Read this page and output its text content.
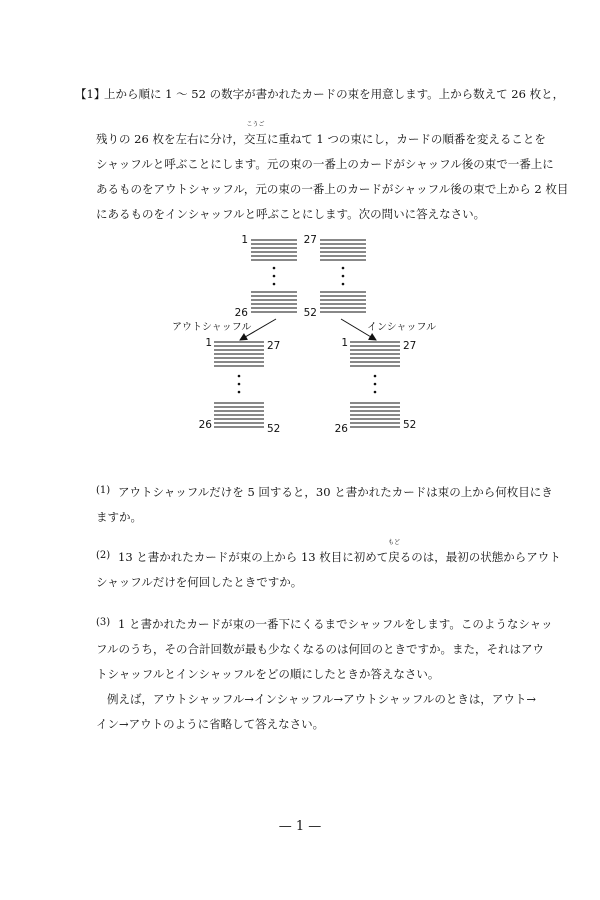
【1】
上から順に 1 〜 52 の数字が書かれたカードの束を用意します。上から数えて 26 枚と，
残りの 26 枚を左右に分け，
こうご
交互に重ねて 1 つの束にし，カードの順番を変えることを
シャッフルと呼ぶことにします。元の束の一番上のカードがシャッフル後の束で一番上に
あるものをアウトシャッフル，元の束の一番上のカードがシャッフル後の束で上から 2 枚目
にあるものをインシャッフルと呼ぶことにします。次の問いに答えなさい。
1
26
27
52
アウトシャッフル	インシャッフル
1	27
26	52
1	27
26	52
(1) アウトシャッフルだけを 5 回すると，30 と書かれたカードは束の上から何枚目にき
ますか。
(2) 13 と書かれたカードが束の上から 13 枚目に初めて
もど
戻るのは，最初の状態からアウト
シャッフルだけを何回したときですか。
(3) 1 と書かれたカードが束の一番下にくるまでシャッフルをします。このようなシャッ
フルのうち，その合計回数が最も少なくなるのは何回のときですか。また，それはアウ
トシャッフルとインシャッフルをどの順にしたときか答えなさい。
例えば，アウトシャッフル→インシャッフル→アウトシャッフルのときは，アウト→
イン→アウトのように省略して答えなさい。
— 1 —
